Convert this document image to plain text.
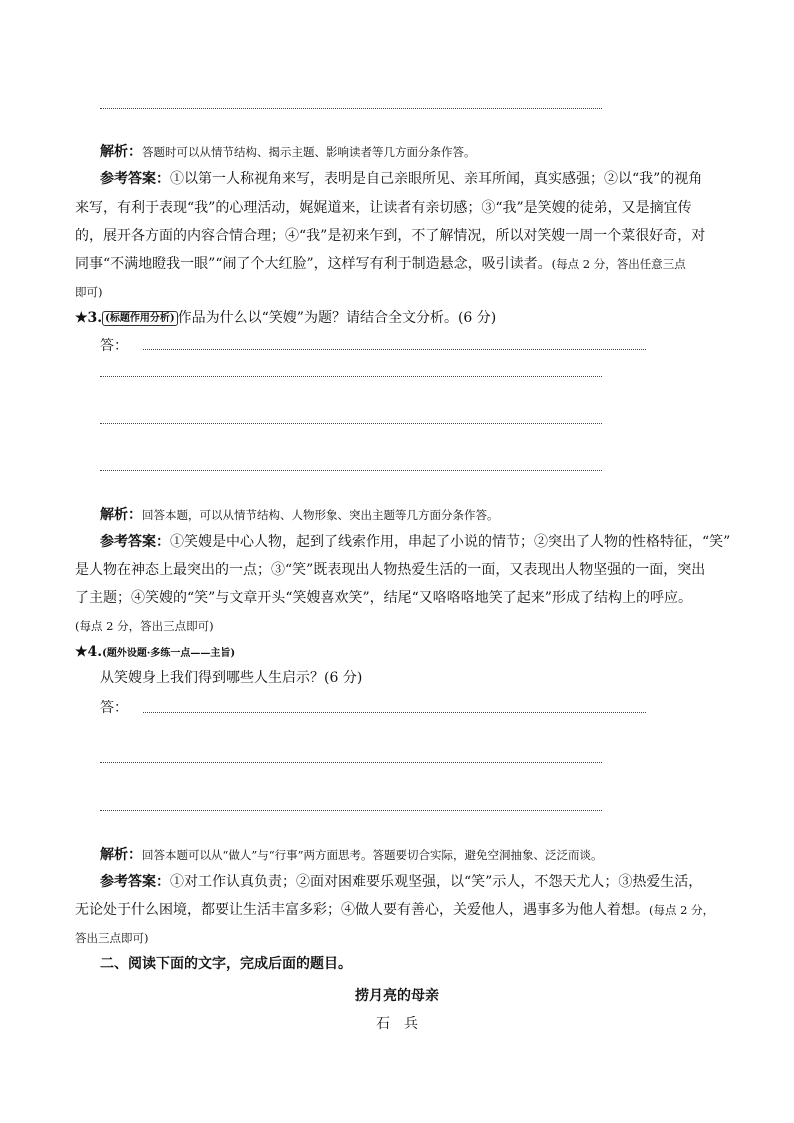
解析：答题时可以从情节结构、揭示主题、影响读者等几方面分条作答。
参考答案：①以第一人称视角来写，表明是自己亲眼所见、亲耳所闻，真实感强；②以“我”的视角
来写，有利于表现“我”的心理活动，娓娓道来，让读者有亲切感；③“我”是笑嫂的徒弟，又是摘宜传
的，展开各方面的内容合情合理；④“我”是初来乍到，不了解情况，所以对笑嫂一周一个菜很好奇，对
同事“不满地瞪我一眼”“闹了个大红脸”，这样写有利于制造悬念，吸引读者。(每点 2 分，答出任意三点
即可)
★3. (标题作用分析) 作品为什么以“笑嫂”为题？请结合全文分析。(6 分)
答：
解析：回答本题，可以从情节结构、人物形象、突出主题等几方面分条作答。
参考答案：①笑嫂是中心人物，起到了线索作用，串起了小说的情节；②突出了人物的性格特征，“笑”
是人物在神态上最突出的一点；③“笑”既表现出人物热爱生活的一面，又表现出人物坚强的一面，突出
了主题；④笑嫂的“笑”与文章开头“笑嫂喜欢笑”，结尾“又咯咯咯地笑了起来”形成了结构上的呼应。
(每点 2 分，答出三点即可)
★4.(题外设题·多练一点——主旨)
从笑嫂身上我们得到哪些人生启示？(6 分)
答：
解析：回答本题可以从“做人”与“行事”两方面思考。答题要切合实际，避免空洞抽象、泛泛而谈。
参考答案：①对工作认真负责；②面对困难要乐观坚强，以“笑”示人，不怨天尤人；③热爱生活，
无论处于什么困境，都要让生活丰富多彩；④做人要有善心，关爱他人，遇事多为他人着想。(每点 2 分，
答出三点即可)
二、阅读下面的文字，完成后面的题目。
捞月亮的母亲
石　兵
